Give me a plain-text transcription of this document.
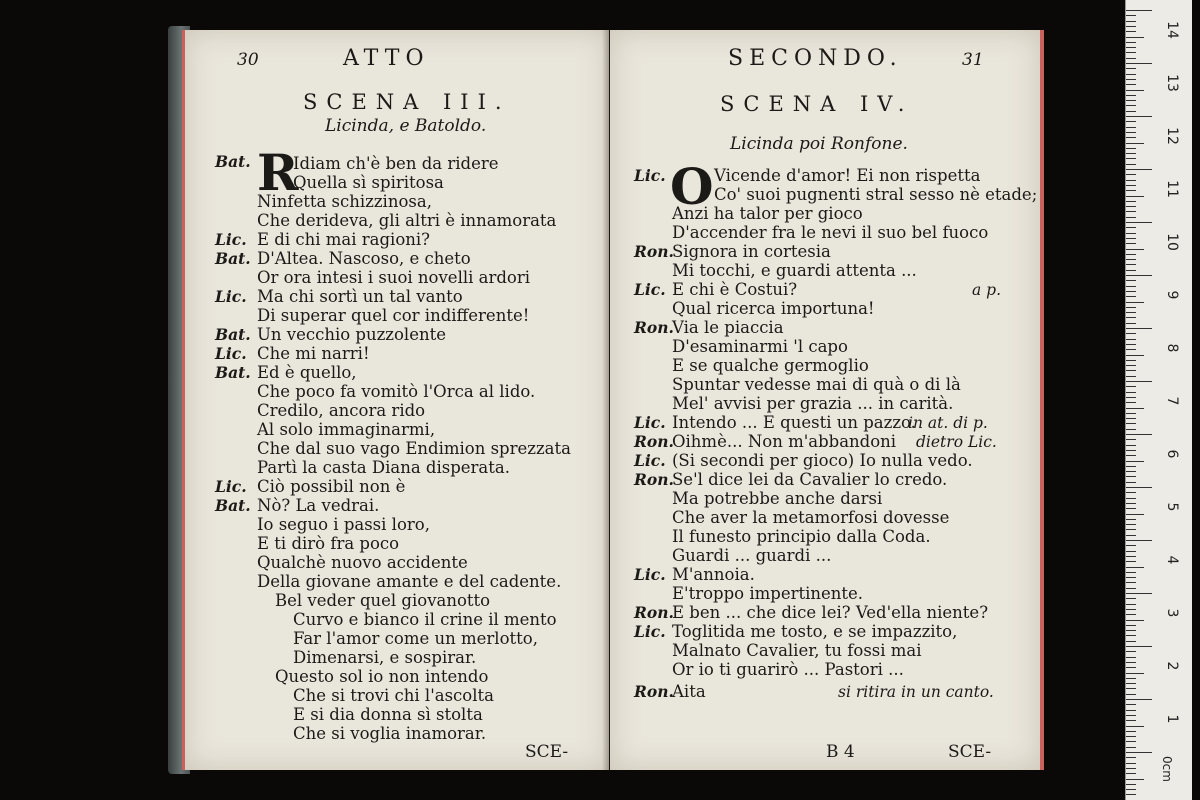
30	ATTO
SCENA III.
Licinda, e Batoldo.
Bat. R
Idiam ch'è ben da ridere
Quella sì spiritosa
Ninfetta schizzinosa,
Che derideva, gli altri è innamorata
Lic. E di chi mai ragioni?
Bat. D'Altea. Nascoso, e cheto
Or ora intesi i suoi novelli ardori
Lic. Ma chi sortì un tal vanto
Di superar quel cor indifferente!
Bat. Un vecchio puzzolente
Lic. Che mi narri!
Bat. Ed è quello,
Che poco fa vomitò l'Orca al lido.
Credilo, ancora rido
Al solo immaginarmi,
Che dal suo vago Endimion sprezzata
Partì la casta Diana disperata.
Lic. Ciò possibil non è
Bat. Nò? La vedrai.
Io seguo i passi loro,
E ti dirò fra poco
Qualchè nuovo accidente
Della giovane amante e del cadente.
Bel veder quel giovanotto
Curvo e bianco il crine il mento
Far l'amor come un merlotto,
Dimenarsi, e sospirar.
Questo sol io non intendo
Che si trovi chi l'ascolta
E si dia donna sì stolta
Che si voglia inamorar.
SCE-
SECONDO.	31
SCENA IV.
Licinda poi Ronfone.
Lic. O Vicende d'amor! Ei non rispetta
Co' suoi pugnenti stral sesso nè etade;
Anzi ha talor per gioco
D'accender fra le nevi il suo bel fuoco
Ron.
Signora in cortesia
Mi tocchi, e guardi attenta ...
Lic. E chi è Costui?	a p.
Qual ricerca importuna!
Ron.
Via le piaccia
D'esaminarmi 'l capo
E se qualche germoglio
Spuntar vedesse mai di quà o di là
Mel' avvisi per grazia ... in carità.
Lic. Intendo ... E questi un pazzo.
in at. di p.
Ron.
Oihmè... Non m'abbandoni dietro Lic.
Lic. (Si secondi per gioco) Io nulla vedo.
Ron.
Se'l dice lei da Cavalier lo credo.
Ma potrebbe anche darsi
Che aver la metamorfosi dovesse
Il funesto principio dalla Coda.
Guardi ... guardi ...
Lic. M'annoia.
E'troppo impertinente.
Ron.
E ben ... che dice lei? Ved'ella niente?
Lic. Toglitida me tosto, e se impazzito,
Malnato Cavalier, tu fossi mai
Or io ti guarirò ... Pastori ...
Ron.
Aita	si ritira in un canto.
B 4	SCE-
14
13
12
11
10
9
8
7
6
5
4
3
2
1
0cm
